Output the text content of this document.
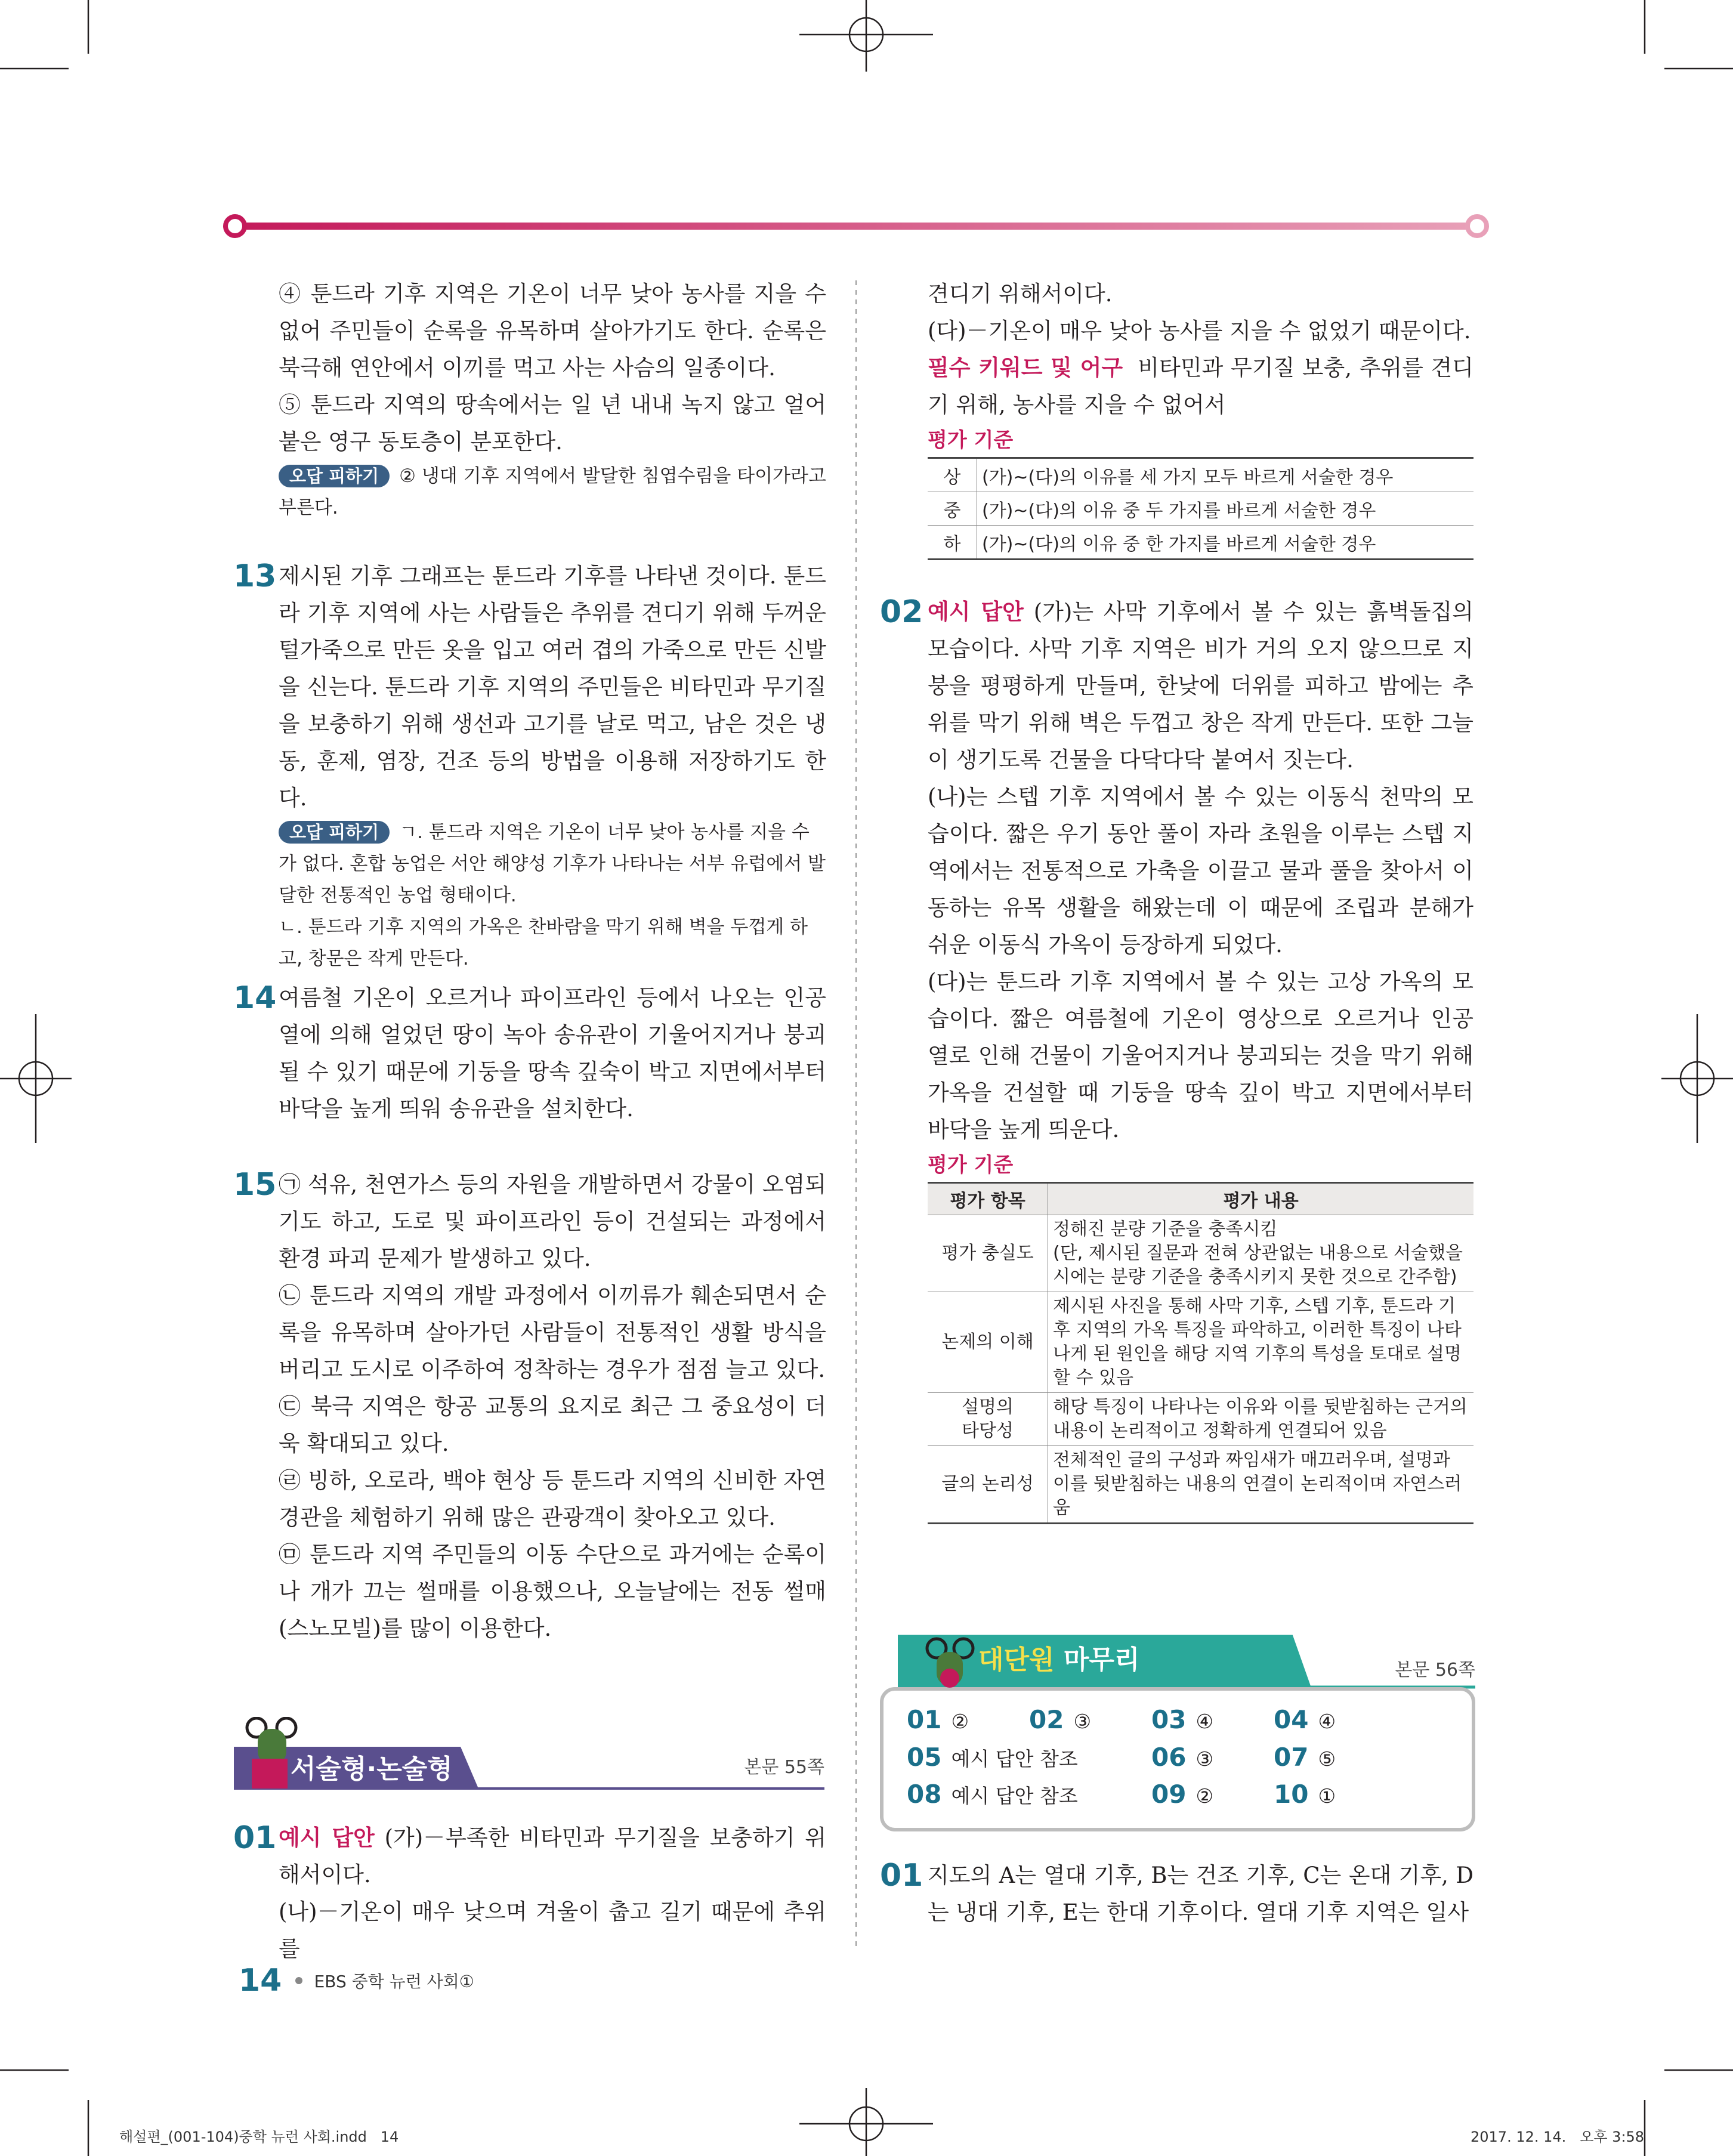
④ 툰드라 기후 지역은 기온이 너무 낮아 농사를 지을 수 없어 주민들이 순록을 유목하며 살아가기도 한다. 순록은 북극해 연안에서 이끼를 먹고 사는 사슴의 일종이다.

⑤ 툰드라 지역의 땅속에서는 일 년 내내 녹지 않고 얼어붙은 영구 동토층이 분포한다.

오답 피하기 ② 냉대 기후 지역에서 발달한 침엽수림을 타이가라고 부른다.

13 제시된 기후 그래프는 툰드라 기후를 나타낸 것이다. 툰드라 기후 지역에 사는 사람들은 추위를 견디기 위해 두꺼운 털가죽으로 만든 옷을 입고 여러 겹의 가죽으로 만든 신발을 신는다. 툰드라 기후 지역의 주민들은 비타민과 무기질을 보충하기 위해 생선과 고기를 날로 먹고, 남은 것은 냉동, 훈제, 염장, 건조 등의 방법을 이용해 저장하기도 한다.

오답 피하기 ㄱ. 툰드라 지역은 기온이 너무 낮아 농사를 지을 수가 없다. 혼합 농업은 서안 해양성 기후가 나타나는 서부 유럽에서 발달한 전통적인 농업 형태이다.

ㄴ. 툰드라 기후 지역의 가옥은 찬바람을 막기 위해 벽을 두껍게 하고, 창문은 작게 만든다.

14 여름철 기온이 오르거나 파이프라인 등에서 나오는 인공 열에 의해 얼었던 땅이 녹아 송유관이 기울어지거나 붕괴될 수 있기 때문에 기둥을 땅속 깊숙이 박고 지면에서부터 바닥을 높게 띄워 송유관을 설치한다.

15 ㉠ 석유, 천연가스 등의 자원을 개발하면서 강물이 오염되기도 하고, 도로 및 파이프라인 등이 건설되는 과정에서 환경 파괴 문제가 발생하고 있다.

㉡ 툰드라 지역의 개발 과정에서 이끼류가 훼손되면서 순록을 유목하며 살아가던 사람들이 전통적인 생활 방식을 버리고 도시로 이주하여 정착하는 경우가 점점 늘고 있다.

㉢ 북극 지역은 항공 교통의 요지로 최근 그 중요성이 더욱 확대되고 있다.

㉣ 빙하, 오로라, 백야 현상 등 툰드라 지역의 신비한 자연 경관을 체험하기 위해 많은 관광객이 찾아오고 있다.

㉤ 툰드라 지역 주민들의 이동 수단으로 과거에는 순록이나 개가 끄는 썰매를 이용했으나, 오늘날에는 전동 썰매(스노모빌)를 많이 이용한다.

서술형·논술형	본문 55쪽
01 예시 답안 (가)－부족한 비타민과 무기질을 보충하기 위해서이다.

(나)－기온이 매우 낮으며 겨울이 춥고 길기 때문에 추위를

견디기 위해서이다.

(다)－기온이 매우 낮아 농사를 지을 수 없었기 때문이다.

필수 키워드 및 어구 비타민과 무기질 보충, 추위를 견디기 위해, 농사를 지을 수 없어서

평가 기준
상	(가)~(다)의 이유를 세 가지 모두 바르게 서술한 경우
중	(가)~(다)의 이유 중 두 가지를 바르게 서술한 경우
하	(가)~(다)의 이유 중 한 가지를 바르게 서술한 경우
02 예시 답안 (가)는 사막 기후에서 볼 수 있는 흙벽돌집의 모습이다. 사막 기후 지역은 비가 거의 오지 않으므로 지붕을 평평하게 만들며, 한낮에 더위를 피하고 밤에는 추위를 막기 위해 벽은 두껍고 창은 작게 만든다. 또한 그늘이 생기도록 건물을 다닥다닥 붙여서 짓는다.

(나)는 스텝 기후 지역에서 볼 수 있는 이동식 천막의 모습이다. 짧은 우기 동안 풀이 자라 초원을 이루는 스텝 지역에서는 전통적으로 가축을 이끌고 물과 풀을 찾아서 이동하는 유목 생활을 해왔는데 이 때문에 조립과 분해가 쉬운 이동식 가옥이 등장하게 되었다.

(다)는 툰드라 기후 지역에서 볼 수 있는 고상 가옥의 모습이다. 짧은 여름철에 기온이 영상으로 오르거나 인공 열로 인해 건물이 기울어지거나 붕괴되는 것을 막기 위해 가옥을 건설할 때 기둥을 땅속 깊이 박고 지면에서부터 바닥을 높게 띄운다.

평가 기준
평가 항목	평가 내용
평가 충실도	정해진 분량 기준을 충족시킴
(단, 제시된 질문과 전혀 상관없는 내용으로 서술했을 시에는 분량 기준을 충족시키지 못한 것으로 간주함)
논제의 이해	제시된 사진을 통해 사막 기후, 스텝 기후, 툰드라 기후 지역의 가옥 특징을 파악하고, 이러한 특징이 나타나게 된 원인을 해당 지역 기후의 특성을 토대로 설명할 수 있음
설명의
타당성	해당 특징이 나타나는 이유와 이를 뒷받침하는 근거의 내용이 논리적이고 정확하게 연결되어 있음
글의 논리성	전체적인 글의 구성과 짜임새가 매끄러우며, 설명과 이를 뒷받침하는 내용의 연결이 논리적이며 자연스러움
대단원 마무리	본문 56쪽
01 ② 02 ③ 03 ④ 04 ④
05 예시 답안 참조	06 ③ 07 ⑤
08 예시 답안 참조	09 ② 10 ①
01 지도의 A는 열대 기후, B는 건조 기후, C는 온대 기후, D는 냉대 기후, E는 한대 기후이다. 열대 기후 지역은 일사

14 EBS 중학 뉴런 사회①
해설편_(001-104)중학 뉴런 사회.indd   14	2017. 12. 14.   오후 3:58
